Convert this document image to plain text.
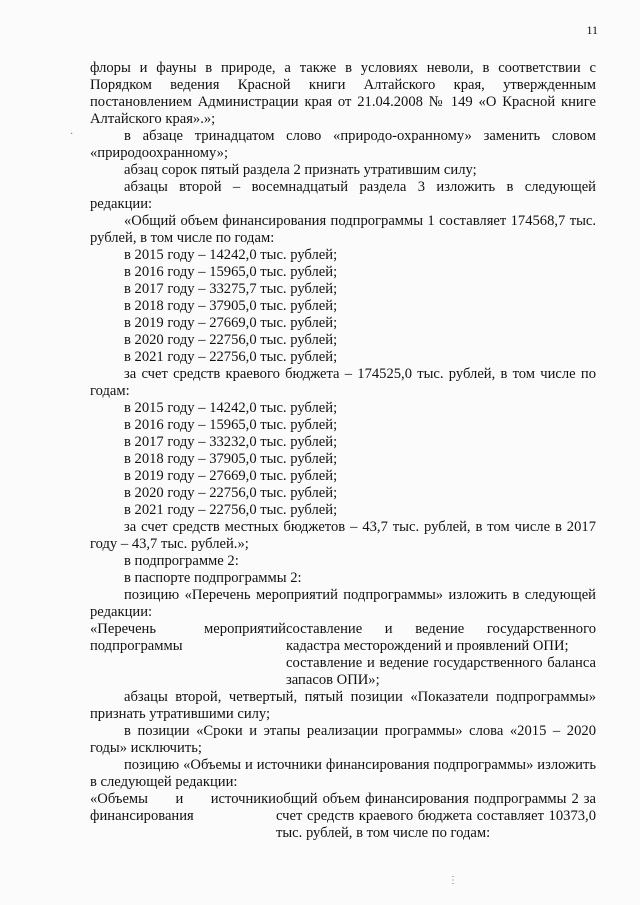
11
·
⋮

флоры и фауны в природе, а также в условиях неволи, в соответствии с Порядком ведения Красной книги Алтайского края, утвержденным постановлением Администрации края от 21.04.2008 № 149 «О Красной книге Алтайского края».»;

в абзаце тринадцатом слово «природо-охранному» заменить словом «природоохранному»;

абзац сорок пятый раздела 2 признать утратившим силу;

абзацы второй – восемнадцатый раздела 3 изложить в следующей редакции:

«Общий объем финансирования подпрограммы 1 составляет 174568,7 тыс. рублей, в том числе по годам:

в 2015 году – 14242,0 тыс. рублей;

в 2016 году – 15965,0 тыс. рублей;

в 2017 году – 33275,7 тыс. рублей;

в 2018 году – 37905,0 тыс. рублей;

в 2019 году – 27669,0 тыс. рублей;

в 2020 году – 22756,0 тыс. рублей;

в 2021 году – 22756,0 тыс. рублей;

за счет средств краевого бюджета – 174525,0 тыс. рублей, в том числе по годам:

в 2015 году – 14242,0 тыс. рублей;

в 2016 году – 15965,0 тыс. рублей;

в 2017 году – 33232,0 тыс. рублей;

в 2018 году – 37905,0 тыс. рублей;

в 2019 году – 27669,0 тыс. рублей;

в 2020 году – 22756,0 тыс. рублей;

в 2021 году – 22756,0 тыс. рублей;

за счет средств местных бюджетов – 43,7 тыс. рублей, в том числе в 2017 году – 43,7 тыс. рублей.»;

в подпрограмме 2:

в паспорте подпрограммы 2:

позицию «Перечень мероприятий подпрограммы» изложить в следующей редакции:

«Перечень мероприятий подпрограммы

составление и ведение государственного кадастра месторождений и проявлений ОПИ;

составление и ведение государственного баланса запасов ОПИ»;

абзацы второй, четвертый, пятый позиции «Показатели подпрограммы» признать утратившими силу;

в позиции «Сроки и этапы реализации программы» слова «2015 – 2020 годы» исключить;

позицию «Объемы и источники финансирования подпрограммы» изложить в следующей редакции:

«Объемы и источники финансирования
общий объем финансирования подпрограммы 2 за счет средств краевого бюджета составляет 10373,0 тыс. рублей, в том числе по годам:
